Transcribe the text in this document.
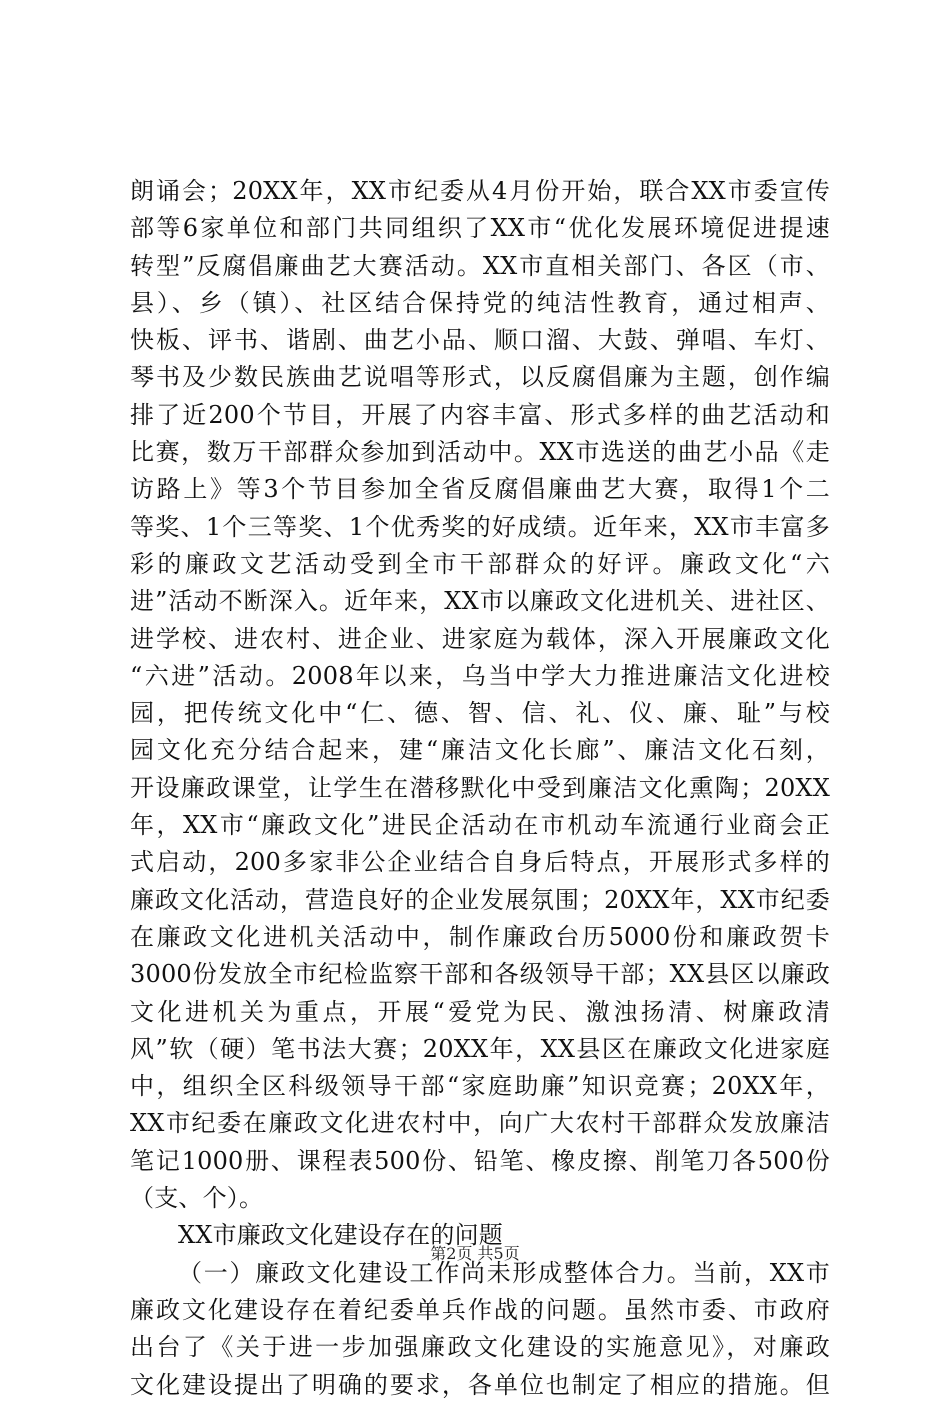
朗诵会；20XX年，XX市纪委从4月份开始，联合XX市委宣传
部等6家单位和部门共同组织了XX市“优化发展环境促进提速
转型”反腐倡廉曲艺大赛活动。XX市直相关部门、各区（市、
县）、乡（镇）、社区结合保持党的纯洁性教育，通过相声、
快板、评书、谐剧、曲艺小品、顺口溜、大鼓、弹唱、车灯、
琴书及少数民族曲艺说唱等形式，以反腐倡廉为主题，创作编
排了近200个节目，开展了内容丰富、形式多样的曲艺活动和
比赛，数万干部群众参加到活动中。XX市选送的曲艺小品《走
访路上》等3个节目参加全省反腐倡廉曲艺大赛，取得1个二
等奖、1个三等奖、1个优秀奖的好成绩。近年来，XX市丰富多
彩的廉政文艺活动受到全市干部群众的好评。廉政文化“六
进”活动不断深入。近年来，XX市以廉政文化进机关、进社区、
进学校、进农村、进企业、进家庭为载体，深入开展廉政文化
“六进”活动。2008年以来，乌当中学大力推进廉洁文化进校
园，把传统文化中“仁、德、智、信、礼、仪、廉、耻”与校
园文化充分结合起来，建“廉洁文化长廊”、廉洁文化石刻，
开设廉政课堂，让学生在潜移默化中受到廉洁文化熏陶；20XX
年，XX市“廉政文化”进民企活动在市机动车流通行业商会正
式启动，200多家非公企业结合自身后特点，开展形式多样的
廉政文化活动，营造良好的企业发展氛围；20XX年，XX市纪委
在廉政文化进机关活动中，制作廉政台历5000份和廉政贺卡
3000份发放全市纪检监察干部和各级领导干部；XX县区以廉政
文化进机关为重点，开展“爱党为民、激浊扬清、树廉政清
风”软（硬）笔书法大赛；20XX年，XX县区在廉政文化进家庭
中，组织全区科级领导干部“家庭助廉”知识竞赛；20XX年，
XX市纪委在廉政文化进农村中，向广大农村干部群众发放廉洁
笔记1000册、课程表500份、铅笔、橡皮擦、削笔刀各500份
（支、个）。
XX市廉政文化建设存在的问题
（一）廉政文化建设工作尚未形成整体合力。当前，XX市
廉政文化建设存在着纪委单兵作战的问题。虽然市委、市政府
出台了《关于进一步加强廉政文化建设的实施意见》，对廉政
文化建设提出了明确的要求，各单位也制定了相应的措施。但
第2页 共5页
